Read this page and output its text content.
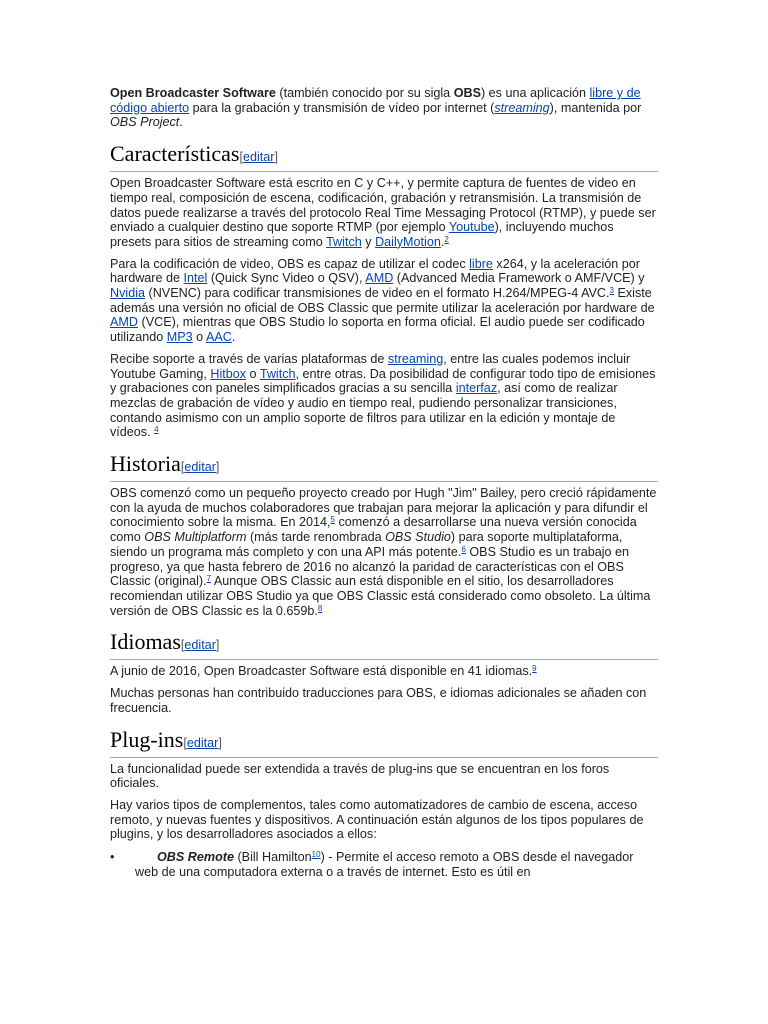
Open Broadcaster Software (también conocido por su sigla OBS) es una aplicación libre y de código abierto para la grabación y transmisión de vídeo por internet (streaming), mantenida por OBS Project.

Características[editar]

Open Broadcaster Software está escrito en C y C++, y permite captura de fuentes de video en tiempo real, composición de escena, codificación, grabación y retransmisión. La transmisión de datos puede realizarse a través del protocolo Real Time Messaging Protocol (RTMP), y puede ser enviado a cualquier destino que soporte RTMP (por ejemplo Youtube), incluyendo muchos presets para sitios de streaming como Twitch y DailyMotion.$^2$

Para la codificación de video, OBS es capaz de utilizar el codec libre x264, y la aceleración por hardware de Intel (Quick Sync Video o QSV), AMD (Advanced Media Framework o AMF/VCE) y Nvidia (NVENC) para codificar transmisiones de video en el formato H.264/MPEG-4 AVC.$^3$ Existe además una versión no oficial de OBS Classic que permite utilizar la aceleración por hardware de AMD (VCE), mientras que OBS Studio lo soporta en forma oficial. El audio puede ser codificado utilizando MP3 o AAC.

Recibe soporte a través de varias plataformas de streaming, entre las cuales podemos incluir Youtube Gaming, Hitbox o Twitch, entre otras. Da posibilidad de configurar todo tipo de emisiones y grabaciones con paneles simplificados gracias a su sencilla interfaz, así como de realizar mezclas de grabación de vídeo y audio en tiempo real, pudiendo personalizar transiciones, contando asimismo con un amplio soporte de filtros para utilizar en la edición y montaje de vídeos. $^4$

Historia[editar]

OBS comenzó como un pequeño proyecto creado por Hugh "Jim" Bailey, pero creció rápidamente con la ayuda de muchos colaboradores que trabajan para mejorar la aplicación y para difundir el conocimiento sobre la misma. En 2014,$^5$ comenzó a desarrollarse una nueva versión conocida como OBS Multiplatform (más tarde renombrada OBS Studio) para soporte multiplataforma, siendo un programa más completo y con una API más potente.$^6$ OBS Studio es un trabajo en progreso, ya que hasta febrero de 2016 no alcanzó la paridad de características con el OBS Classic (original).$^7$ Aunque OBS Classic aun está disponible en el sitio, los desarrolladores recomiendan utilizar OBS Studio ya que OBS Classic está considerado como obsoleto. La última versión de OBS Classic es la 0.659b.$^8$

Idiomas[editar]

A junio de 2016, Open Broadcaster Software está disponible en 41 idiomas.$^9$

Muchas personas han contribuido traducciones para OBS, e idiomas adicionales se añaden con frecuencia.

Plug-ins[editar]

La funcionalidad puede ser extendida a través de plug-ins que se encuentran en los foros oficiales.

Hay varios tipos de complementos, tales como automatizadores de cambio de escena, acceso remoto, y nuevas fuentes y dispositivos. A continuación están algunos de los tipos populares de plugins, y los desarrolladores asociados a ellos:

•	OBS Remote (Bill Hamilton$^{10}$) - Permite el acceso remoto a OBS desde el navegador web de una computadora externa o a través de internet. Esto es útil en
